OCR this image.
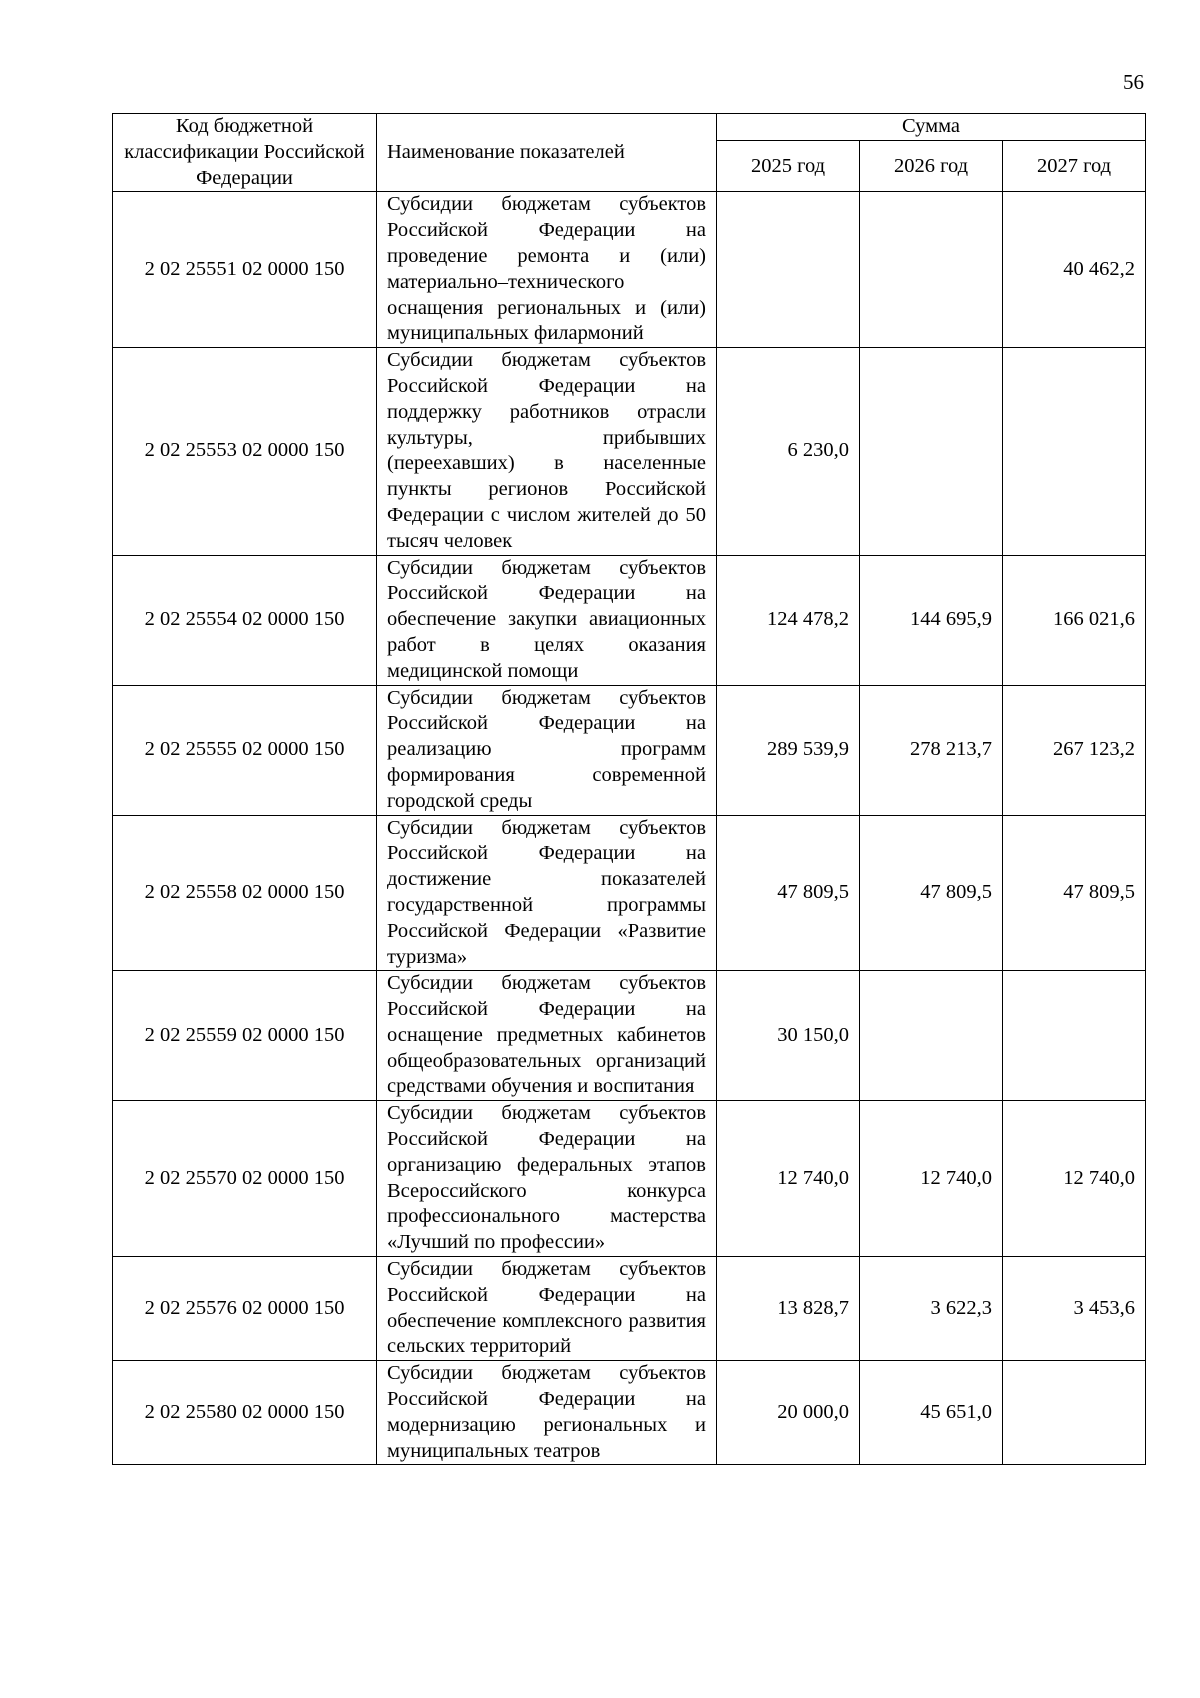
56
Код бюджетной классификации Российской Федерации	Наименование показателей	Сумма		
		2025 год	2026 год	2027 год
2 02 25551 02 0000 150	Субсидии бюджетам субъектов Российской Федерации на проведение ремонта и (или) материально–технического оснащения региональных и (или) муниципальных филармоний			40 462,2
2 02 25553 02 0000 150	Субсидии бюджетам субъектов Российской Федерации на поддержку работников отрасли культуры, прибывших (переехавших) в населенные пункты регионов Российской Федерации с числом жителей до 50 тысяч человек	6 230,0		
2 02 25554 02 0000 150	Субсидии бюджетам субъектов Российской Федерации на обеспечение закупки авиационных работ в целях оказания медицинской помощи	124 478,2	144 695,9	166 021,6
2 02 25555 02 0000 150	Субсидии бюджетам субъектов Российской Федерации на реализацию программ формирования современной городской среды	289 539,9	278 213,7	267 123,2
2 02 25558 02 0000 150	Субсидии бюджетам субъектов Российской Федерации на достижение показателей государственной программы Российской Федерации «Развитие туризма»	47 809,5	47 809,5	47 809,5
2 02 25559 02 0000 150	Субсидии бюджетам субъектов Российской Федерации на оснащение предметных кабинетов общеобразовательных организаций средствами обучения и воспитания	30 150,0		
2 02 25570 02 0000 150	Субсидии бюджетам субъектов Российской Федерации на организацию федеральных этапов Всероссийского конкурса профессионального мастерства «Лучший по профессии»	12 740,0	12 740,0	12 740,0
2 02 25576 02 0000 150	Субсидии бюджетам субъектов Российской Федерации на обеспечение комплексного развития сельских территорий	13 828,7	3 622,3	3 453,6
2 02 25580 02 0000 150	Субсидии бюджетам субъектов Российской Федерации на модернизацию региональных и муниципальных театров	20 000,0	45 651,0	
